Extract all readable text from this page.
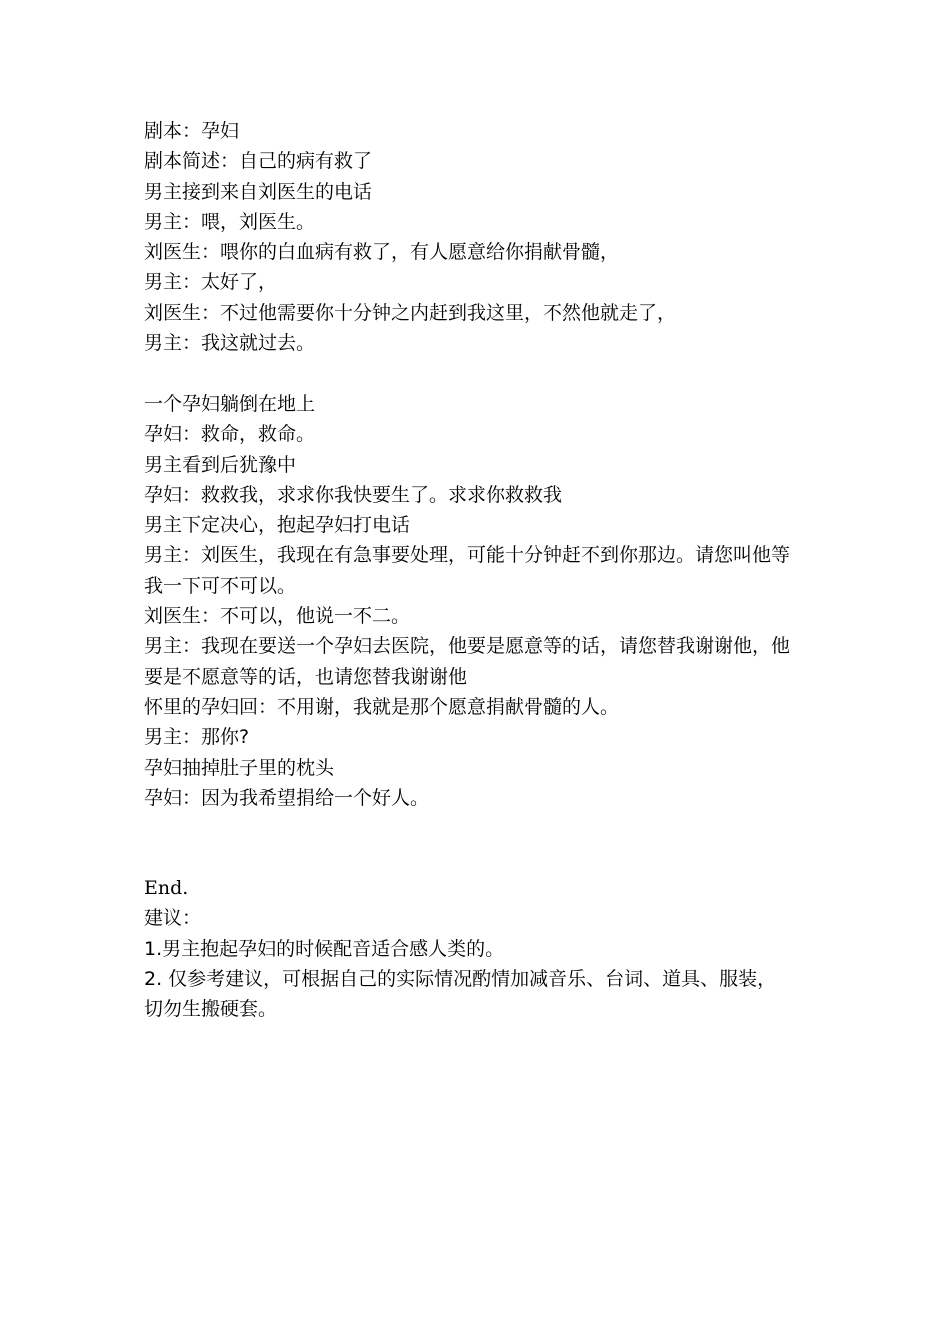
剧本：孕妇

剧本简述：自己的病有救了

男主接到来自刘医生的电话

男主：喂，刘医生。

刘医生：喂你的白血病有救了，有人愿意给你捐献骨髓，

男主：太好了，

刘医生：不过他需要你十分钟之内赶到我这里，不然他就走了，

男主：我这就过去。

一个孕妇躺倒在地上

孕妇：救命，救命。

男主看到后犹豫中

孕妇：救救我，求求你我快要生了。求求你救救我

男主下定决心，抱起孕妇打电话

男主：刘医生，我现在有急事要处理，可能十分钟赶不到你那边。请您叫他等我一下可不可以。

刘医生：不可以，他说一不二。

男主：我现在要送一个孕妇去医院，他要是愿意等的话，请您替我谢谢他，他要是不愿意等的话，也请您替我谢谢他

怀里的孕妇回：不用谢，我就是那个愿意捐献骨髓的人。

男主：那你?

孕妇抽掉肚子里的枕头

孕妇：因为我希望捐给一个好人。

End.

建议：

1.男主抱起孕妇的时候配音适合感人类的。

2. 仅参考建议，可根据自己的实际情况酌情加减音乐、台词、道具、服装，切勿生搬硬套。
